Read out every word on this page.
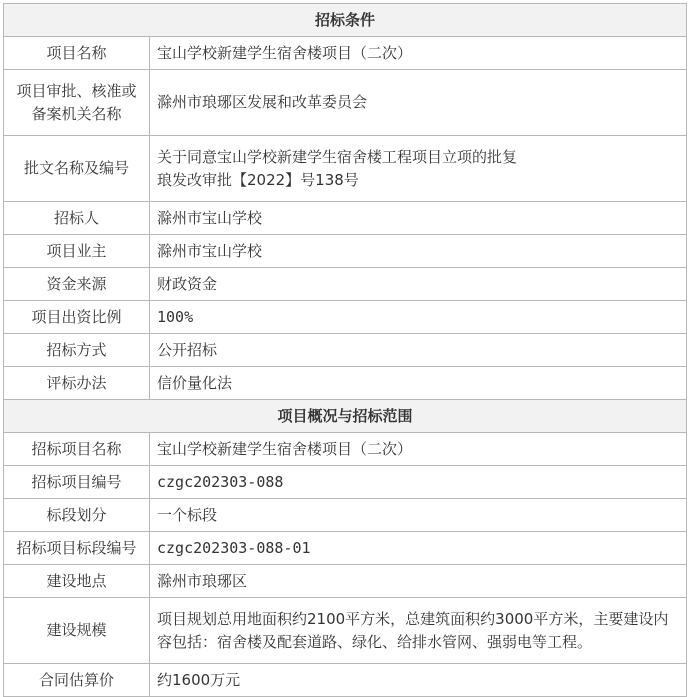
招标条件	
项目名称	宝山学校新建学生宿舍楼项目（二次）
项目审批、核准或备案机关名称	滁州市琅琊区发展和改革委员会
批文名称及编号	关于同意宝山学校新建学生宿舍楼工程项目立项的批复
琅发改审批【2022】号138号

招标人	滁州市宝山学校
项目业主	滁州市宝山学校
资金来源	财政资金
项目出资比例	100%
招标方式	公开招标
评标办法	信价量化法
项目概况与招标范围	
招标项目名称	宝山学校新建学生宿舍楼项目（二次）
招标项目编号	czgc202303-088
标段划分	一个标段
招标项目标段编号	czgc202303-088-01
建设地点	滁州市琅琊区
建设规模	项目规划总用地面积约2100平方米，总建筑面积约3000平方米，主要建设内容包括：宿舍楼及配套道路、绿化、给排水管网、强弱电等工程。
合同估算价	约1600万元
